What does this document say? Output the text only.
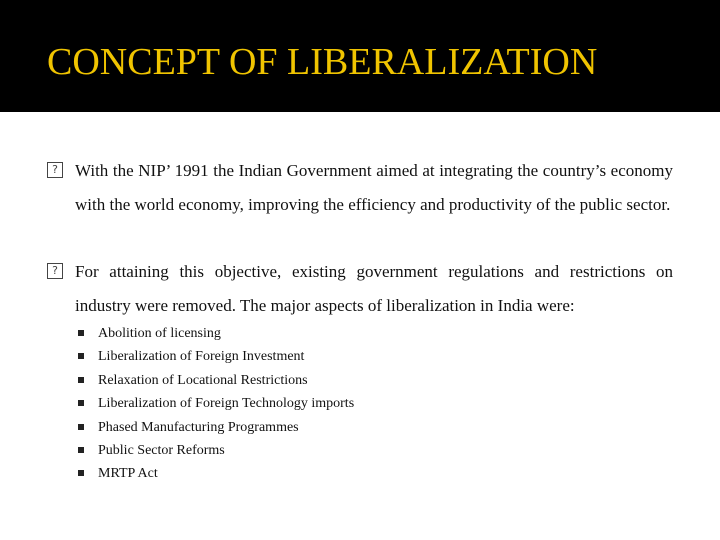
CONCEPT OF LIBERALIZATION
? With the NIP’ 1991 the Indian Government aimed at integrating the country’s economy with the world economy, improving the efficiency and productivity of the public sector.
? For attaining this objective, existing government regulations and restrictions on industry were removed. The major aspects of liberalization in India were:
Abolition of licensing
Liberalization of Foreign Investment
Relaxation of Locational Restrictions
Liberalization of Foreign Technology imports
Phased Manufacturing Programmes
Public Sector Reforms
MRTP Act
